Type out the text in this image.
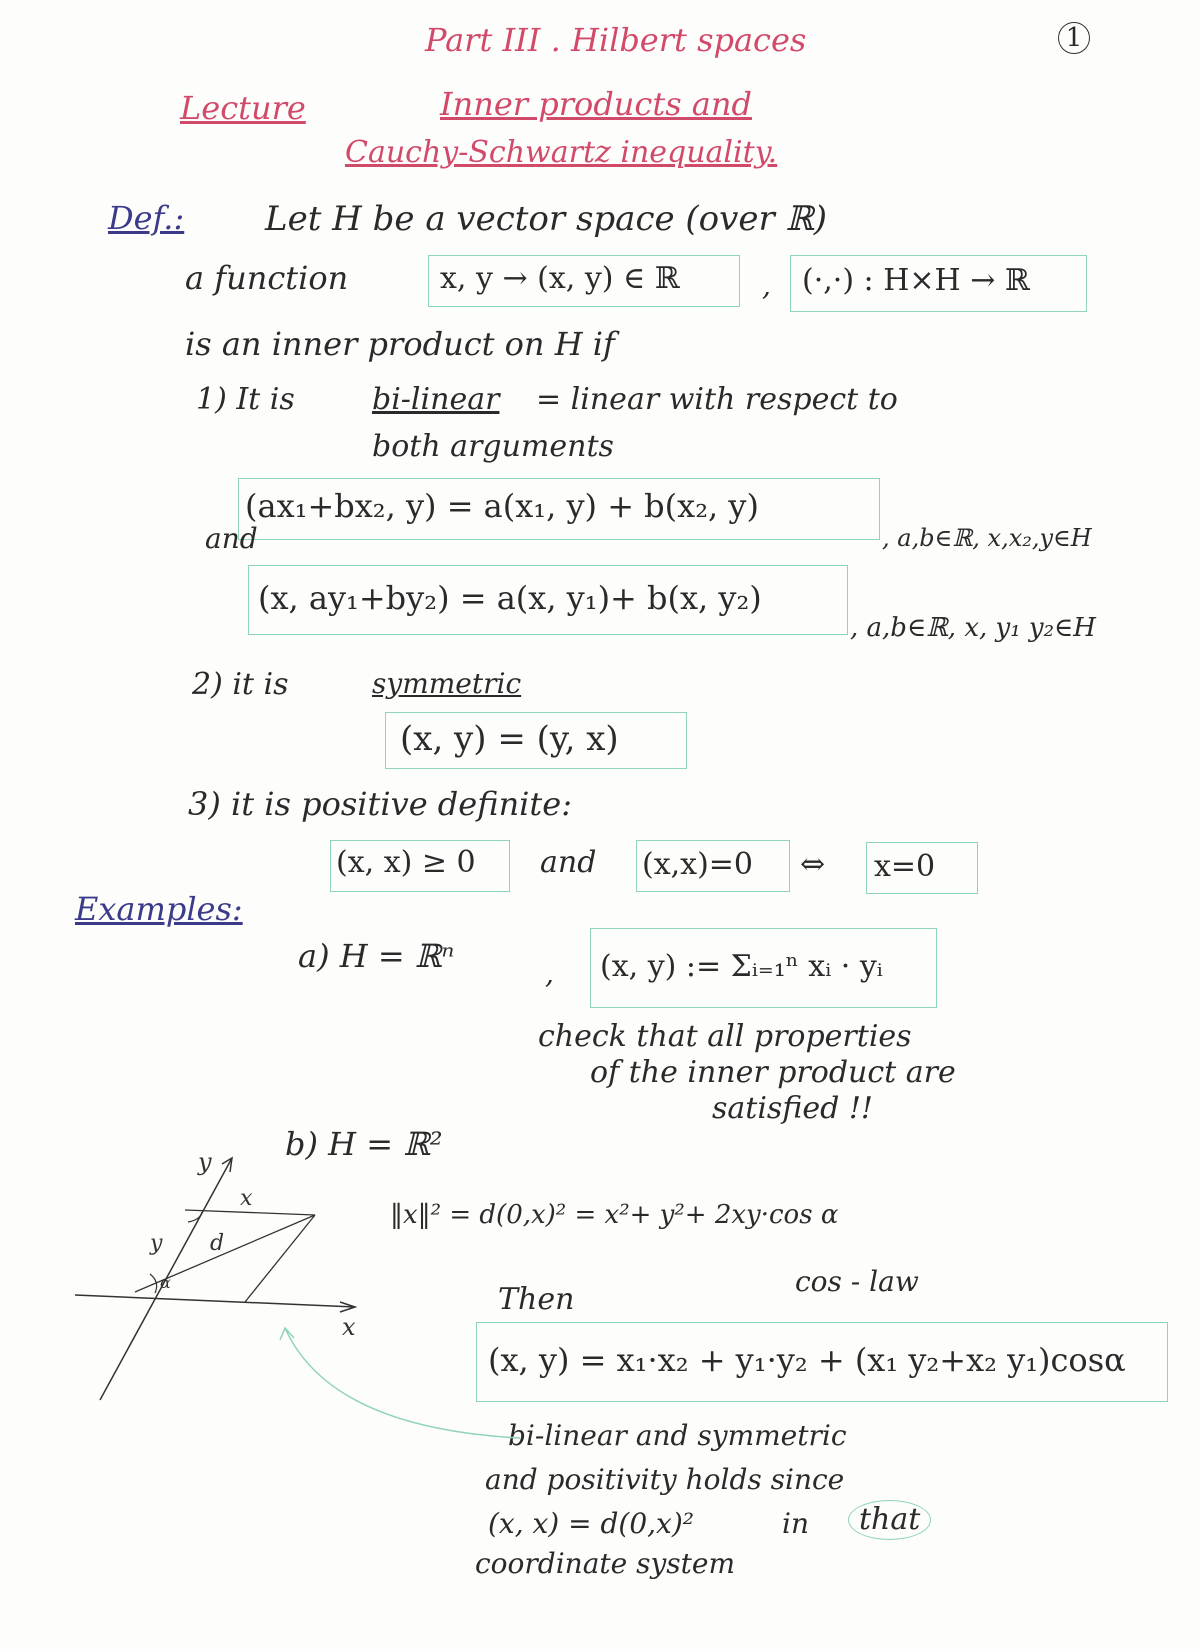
1
Part III . Hilbert spaces
Lecture	Inner products and
Cauchy-Schwartz inequality.
Def.: Let H be a vector space (over ℝ)
a function	x, y → (x, y) ∈ ℝ	, (·,·) : H×H → ℝ
is an inner product on H if
1) It is	bi-linear = linear with respect to
both arguments
(ax₁+bx₂, y) = a(x₁, y) + b(x₂, y)
, a,b∈ℝ, x,x₂,y∈H
and
(x, ay₁+by₂) = a(x, y₁)+ b(x, y₂)
, a,b∈ℝ, x, y₁ y₂∈H
2) it is	symmetric
(x, y) = (y, x)
3) it is positive definite:
(x, x) ≥ 0 and (x,x)=0 ⇔ x=0
Examples:
a) H = ℝⁿ	, (x, y) := Σᵢ₌₁ⁿ xᵢ · yᵢ
check that all properties
of the inner product are
satisfied !!
b) H = ℝ²
‖x‖² = d(0,x)² = x²+ y²+ 2xy·cos α
cos - law
Then
(x, y) = x₁·x₂ + y₁·y₂ + (x₁ y₂+x₂ y₁)cosα
bi-linear and symmetric
and positivity holds since
(x, x) = d(0,x)²	in	that
coordinate system
y
x
x
y d
α
